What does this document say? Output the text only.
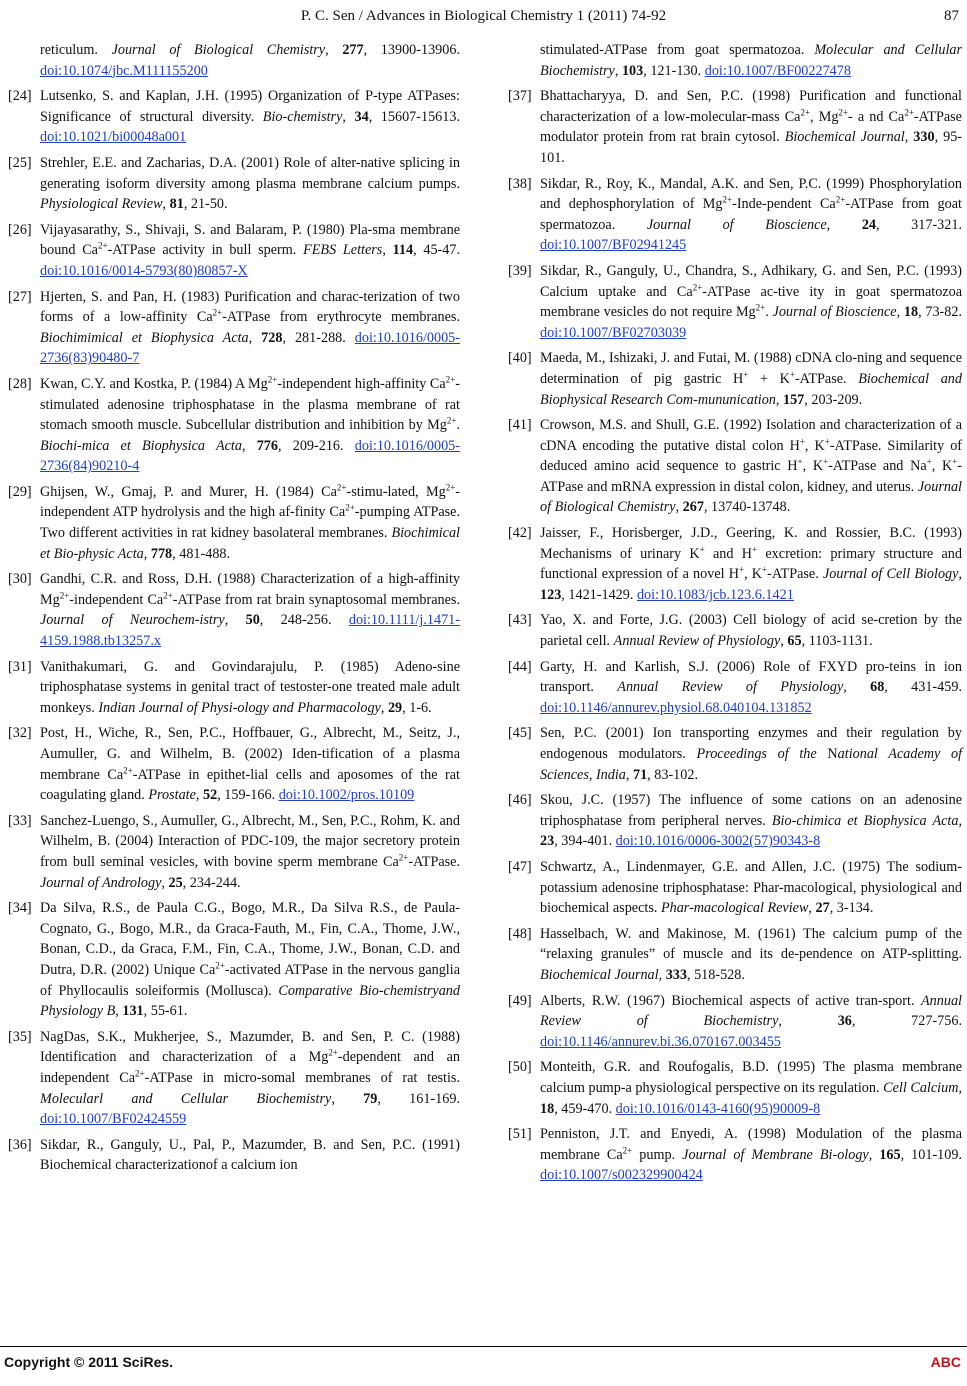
P. C. Sen / Advances in Biological Chemistry 1 (2011) 74-92	87
reticulum. Journal of Biological Chemistry, 277, 13900-13906. doi:10.1074/jbc.M111155200
[24] Lutsenko, S. and Kaplan, J.H. (1995) Organization of P-type ATPases: Significance of structural diversity. Bio-chemistry, 34, 15607-15613. doi:10.1021/bi00048a001
[25] Strehler, E.E. and Zacharias, D.A. (2001) Role of alter-native splicing in generating isoform diversity among plasma membrane calcium pumps. Physiological Review, 81, 21-50.
[26] Vijayasarathy, S., Shivaji, S. and Balaram, P. (1980) Pla-sma membrane bound $Ca^{2+}$-ATPase activity in bull sperm. FEBS Letters, 114, 45-47. doi:10.1016/0014-5793(80)80857-X
[27] Hjerten, S. and Pan, H. (1983) Purification and charac-terization of two forms of a low-affinity $Ca^{2+}$-ATPase from erythrocyte membranes. Biochimimical et Biophysica Acta, 728, 281-288. doi:10.1016/0005-2736(83)90480-7
[28] Kwan, C.Y. and Kostka, P. (1984) A $Mg^{2+}$-independent high-affinity $Ca^{2+}$-stimulated adenosine triphosphatase in the plasma membrane of rat stomach smooth muscle. Subcellular distribution and inhibition by $Mg^{2+}$. Biochi-mica et Biophysica Acta, 776, 209-216. doi:10.1016/0005-2736(84)90210-4
[29] Ghijsen, W., Gmaj, P. and Murer, H. (1984) $Ca^{2+}-stimu$-lated, $Mg^{2+}$-independent ATP hydrolysis and the high af-finity $Ca^{2+}$-pumping ATPase. Two different activities in rat kidney basolateral membranes. Biochimical et Bio-physic Acta, 778, 481-488.
[30] Gandhi, C.R. and Ross, D.H. (1988) Characterization of a high-affinity $Mg^{2+}$-independent $Ca^{2+}$-ATPase from rat brain synaptosomal membranes. Journal of Neurochem-istry, 50, 248-256. doi:10.1111/j.1471-4159.1988.tb13257.x
[31] Vanithakumari, G. and Govindarajulu, P. (1985) Adeno-sine triphosphatase systems in genital tract of testoster-one treated male adult monkeys. Indian Journal of Physi-ology and Pharmacology, 29, 1-6.
[32] Post, H., Wiche, R., Sen, P.C., Hoffbauer, G., Albrecht, M., Seitz, J., Aumuller, G. and Wilhelm, B. (2002) Iden-tification of a plasma membrane $Ca^{2+}$-ATPase in epithet-lial cells and aposomes of the rat coagulating gland. Prostate, 52, 159-166. doi:10.1002/pros.10109
[33] Sanchez-Luengo, S., Aumuller, G., Albrecht, M., Sen, P.C., Rohm, K. and Wilhelm, B. (2004) Interaction of PDC-109, the major secretory protein from bull seminal vesicles, with bovine sperm membrane $Ca^{2+}$-ATPase. Journal of Andrology, 25, 234-244.
[34] Da Silva, R.S., de Paula C.G., Bogo, M.R., Da Silva R.S., de Paula-Cognato, G., Bogo, M.R., da Graca-Fauth, M., Fin, C.A., Thome, J.W., Bonan, C.D., da Graca, F.M., Fin, C.A., Thome, J.W., Bonan, C.D. and Dutra, D.R. (2002) Unique $Ca^{2+}$-activated ATPase in the nervous ganglia of Phyllocaulis soleiformis (Mollusca). Comparative Bio-chemistryand Physiology B, 131, 55-61.
[35] NagDas, S.K., Mukherjee, S., Mazumder, B. and Sen, P. C. (1988) Identification and characterization of a $Mg^{2+}$-dependent and an independent $Ca^{2+}$-ATPase in micro-somal membranes of rat testis. Molecularl and Cellular Biochemistry, 79, 161-169. doi:10.1007/BF02424559
[36] Sikdar, R., Ganguly, U., Pal, P., Mazumder, B. and Sen, P.C. (1991) Biochemical characterizationof a calcium ion
stimulated-ATPase from goat spermatozoa. Molecular and Cellular Biochemistry, 103, 121-130. doi:10.1007/BF00227478
[37] Bhattacharyya, D. and Sen, P.C. (1998) Purification and functional characterization of a low-molecular-mass $Ca^{2+}$, $Mg^{2+}-$ a nd $Ca^{2+}$-ATPase modulator protein from rat brain cytosol. Biochemical Journal, 330, 95-101.
[38] Sikdar, R., Roy, K., Mandal, A.K. and Sen, P.C. (1999) Phosphorylation and dephosphorylation of $Mg^{2+}-Inde$-pendent $Ca^{2+}$-ATPase from goat spermatozoa. Journal of Bioscience, 24, 317-321. doi:10.1007/BF02941245
[39] Sikdar, R., Ganguly, U., Chandra, S., Adhikary, G. and Sen, P.C. (1993) Calcium uptake and $Ca^{2+}$-ATPase ac-tive ity in goat spermatozoa membrane vesicles do not require $Mg^{2+}$. Journal of Bioscience, 18, 73-82. doi:10.1007/BF02703039
[40] Maeda, M., Ishizaki, J. and Futai, M. (1988) cDNA clo-ning and sequence determination of pig gastric H+ + K+-ATPase. Biochemical and Biophysical Research Com-mununication, 157, 203-209.
[41] Crowson, M.S. and Shull, G.E. (1992) Isolation and characterization of a cDNA encoding the putative distal colon H+, K+-ATPase. Similarity of deduced amino acid sequence to gastric H+, K+-ATPase and Na+, K+-ATPase and mRNA expression in distal colon, kidney, and uterus. Journal of Biological Chemistry, 267, 13740-13748.
[42] Jaisser, F., Horisberger, J.D., Geering, K. and Rossier, B.C. (1993) Mechanisms of urinary K+ and H+ excretion: primary structure and functional expression of a novel H+, K+-ATPase. Journal of Cell Biology, 123, 1421-1429. doi:10.1083/jcb.123.6.1421
[43] Yao, X. and Forte, J.G. (2003) Cell biology of acid se-cretion by the parietal cell. Annual Review of Physiology, 65, 1103-1131.
[44] Garty, H. and Karlish, S.J. (2006) Role of FXYD pro-teins in ion transport. Annual Review of Physiology, 68, 431-459. doi:10.1146/annurev.physiol.68.040104.131852
[45] Sen, P.C. (2001) Ion transporting enzymes and their regulation by endogenous modulators. Proceedings of the National Academy of Sciences, India, 71, 83-102.
[46] Skou, J.C. (1957) The influence of some cations on an adenosine triphosphatase from peripheral nerves. Bio-chimica et Biophysica Acta, 23, 394-401. doi:10.1016/0006-3002(57)90343-8
[47] Schwartz, A., Lindenmayer, G.E. and Allen, J.C. (1975) The sodium-potassium adenosine triphosphatase: Phar-macological, physiological and biochemical aspects. Phar-macological Review, 27, 3-134.
[48] Hasselbach, W. and Makinose, M. (1961) The calcium pump of the “relaxing granules” of muscle and its de-pendence on ATP-splitting. Biochemical Journal, 333, 518-528.
[49] Alberts, R.W. (1967) Biochemical aspects of active tran-sport. Annual Review of Biochemistry, 36, 727-756. doi:10.1146/annurev.bi.36.070167.003455
[50] Monteith, G.R. and Roufogalis, B.D. (1995) The plasma membrane calcium pump-a physiological perspective on its regulation. Cell Calcium, 18, 459-470. doi:10.1016/0143-4160(95)90009-8
[51] Penniston, J.T. and Enyedi, A. (1998) Modulation of the plasma membrane $Ca^{2+}$ pump. Journal of Membrane Bi-ology, 165, 101-109. doi:10.1007/s002329900424
Copyright © 2011 SciRes.	ABC
